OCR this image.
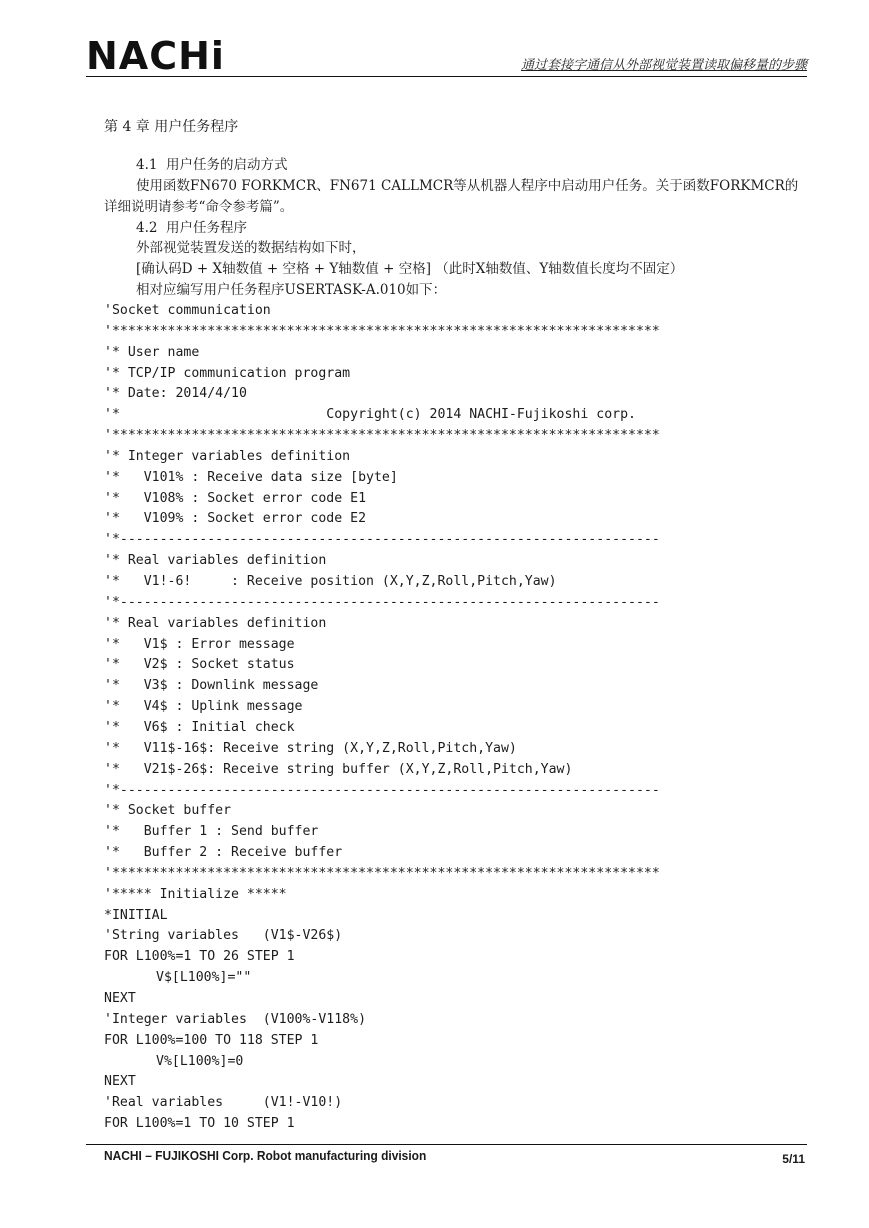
NACHi	通过套接字通信从外部视觉装置读取偏移量的步骤
第 4 章 用户任务程序
4.1  用户任务的启动方式
使用函数FN670 FORKMCR、FN671 CALLMCR等从机器人程序中启动用户任务。关于函数FORKMCR的
详细说明请参考“命令参考篇”。
4.2  用户任务程序
外部视觉装置发送的数据结构如下时，
[确认码D + X轴数值 + 空格 + Y轴数值 + 空格] （此时X轴数值、Y轴数值长度均不固定）
相对应编写用户任务程序USERTASK-A.010如下：
'Socket communication
'*********************************************************************
'* User name
'* TCP/IP communication program
'* Date: 2014/4/10
'*                          Copyright(c) 2014 NACHI-Fujikoshi corp.
'*********************************************************************
'* Integer variables definition
'*   V101% : Receive data size [byte]
'*   V108% : Socket error code E1
'*   V109% : Socket error code E2
'*--------------------------------------------------------------------
'* Real variables definition
'*   V1!-6!     : Receive position (X,Y,Z,Roll,Pitch,Yaw)
'*--------------------------------------------------------------------
'* Real variables definition
'*   V1$ : Error message
'*   V2$ : Socket status
'*   V3$ : Downlink message
'*   V4$ : Uplink message
'*   V6$ : Initial check
'*   V11$-16$: Receive string (X,Y,Z,Roll,Pitch,Yaw)
'*   V21$-26$: Receive string buffer (X,Y,Z,Roll,Pitch,Yaw)
'*--------------------------------------------------------------------
'* Socket buffer
'*   Buffer 1 : Send buffer
'*   Buffer 2 : Receive buffer
'*********************************************************************
'***** Initialize *****
*INITIAL
'String variables   (V1$-V26$)
FOR L100%=1 TO 26 STEP 1
V$[L100%]=""
NEXT
'Integer variables  (V100%-V118%)
FOR L100%=100 TO 118 STEP 1
V%[L100%]=0
NEXT
'Real variables     (V1!-V10!)
FOR L100%=1 TO 10 STEP 1
NACHI – FUJIKOSHI Corp. Robot manufacturing division	5/11
